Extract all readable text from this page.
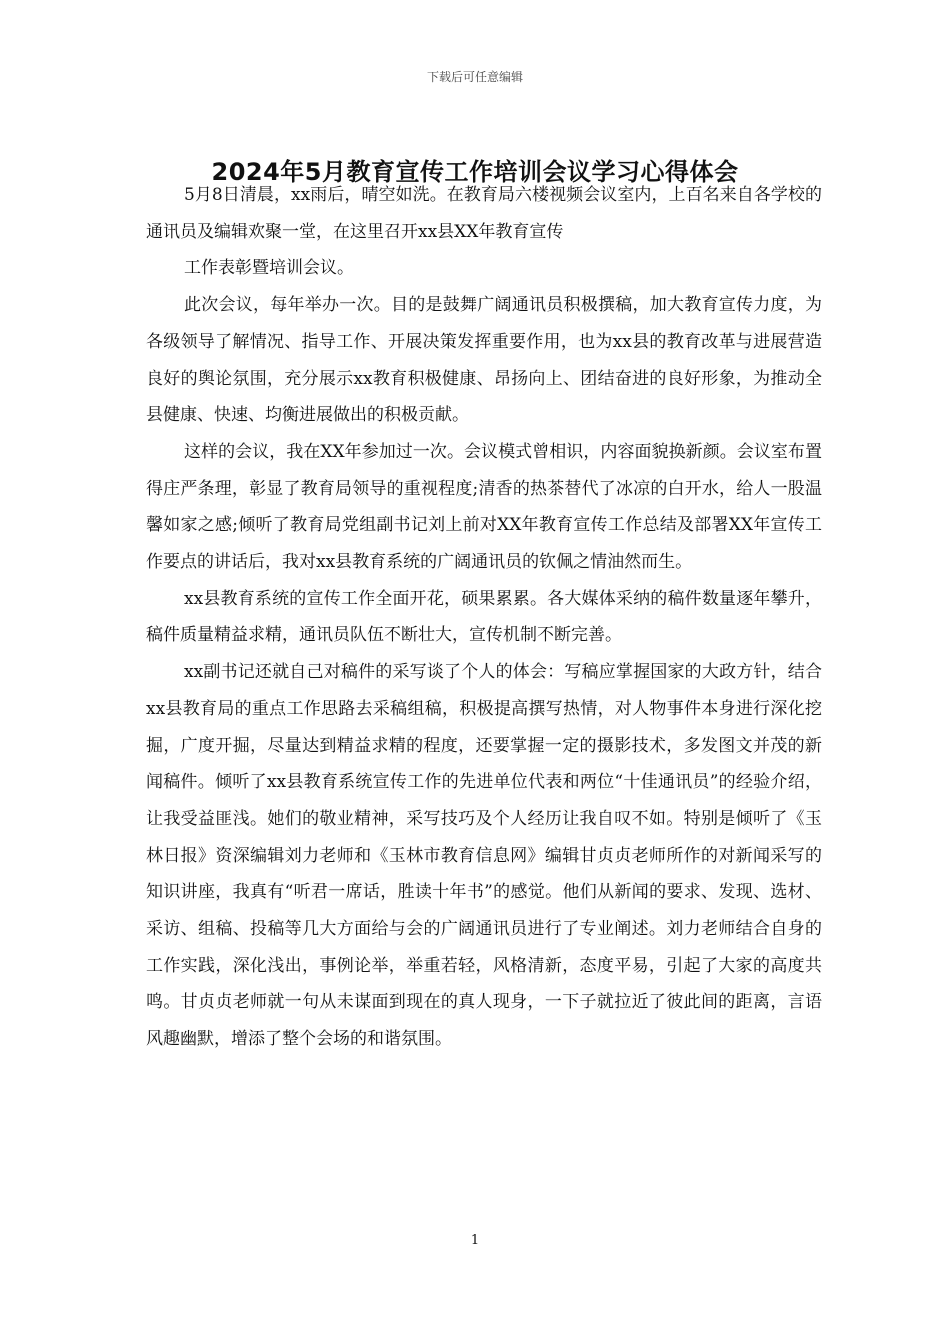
下载后可任意编辑
2024年5月教育宣传工作培训会议学习心得体会

5月8日清晨，xx雨后，晴空如洗。在教育局六楼视频会议室内，上百名来自各学校的通讯员及编辑欢聚一堂，在这里召开xx县XX年教育宣传

工作表彰暨培训会议。

此次会议，每年举办一次。目的是鼓舞广阔通讯员积极撰稿，加大教育宣传力度，为各级领导了解情况、指导工作、开展决策发挥重要作用，也为xx县的教育改革与进展营造良好的舆论氛围，充分展示xx教育积极健康、昂扬向上、团结奋进的良好形象，为推动全县健康、快速、均衡进展做出的积极贡献。

这样的会议，我在XX年参加过一次。会议模式曾相识，内容面貌换新颜。会议室布置得庄严条理，彰显了教育局领导的重视程度;清香的热茶替代了冰凉的白开水，给人一股温馨如家之感;倾听了教育局党组副书记刘上前对XX年教育宣传工作总结及部署XX年宣传工作要点的讲话后，我对xx县教育系统的广阔通讯员的钦佩之情油然而生。

xx县教育系统的宣传工作全面开花，硕果累累。各大媒体采纳的稿件数量逐年攀升，稿件质量精益求精，通讯员队伍不断壮大，宣传机制不断完善。

xx副书记还就自己对稿件的采写谈了个人的体会：写稿应掌握国家的大政方针，结合xx县教育局的重点工作思路去采稿组稿，积极提高撰写热情，对人物事件本身进行深化挖掘，广度开掘，尽量达到精益求精的程度，还要掌握一定的摄影技术，多发图文并茂的新闻稿件。倾听了xx县教育系统宣传工作的先进单位代表和两位“十佳通讯员”的经验介绍，让我受益匪浅。她们的敬业精神，采写技巧及个人经历让我自叹不如。特别是倾听了《玉林日报》资深编辑刘力老师和《玉林市教育信息网》编辑甘贞贞老师所作的对新闻采写的知识讲座，我真有“听君一席话，胜读十年书”的感觉。他们从新闻的要求、发现、选材、采访、组稿、投稿等几大方面给与会的广阔通讯员进行了专业阐述。刘力老师结合自身的工作实践，深化浅出，事例论举，举重若轻，风格清新，态度平易，引起了大家的高度共鸣。甘贞贞老师就一句从未谋面到现在的真人现身，一下子就拉近了彼此间的距离，言语风趣幽默，增添了整个会场的和谐氛围。

1
